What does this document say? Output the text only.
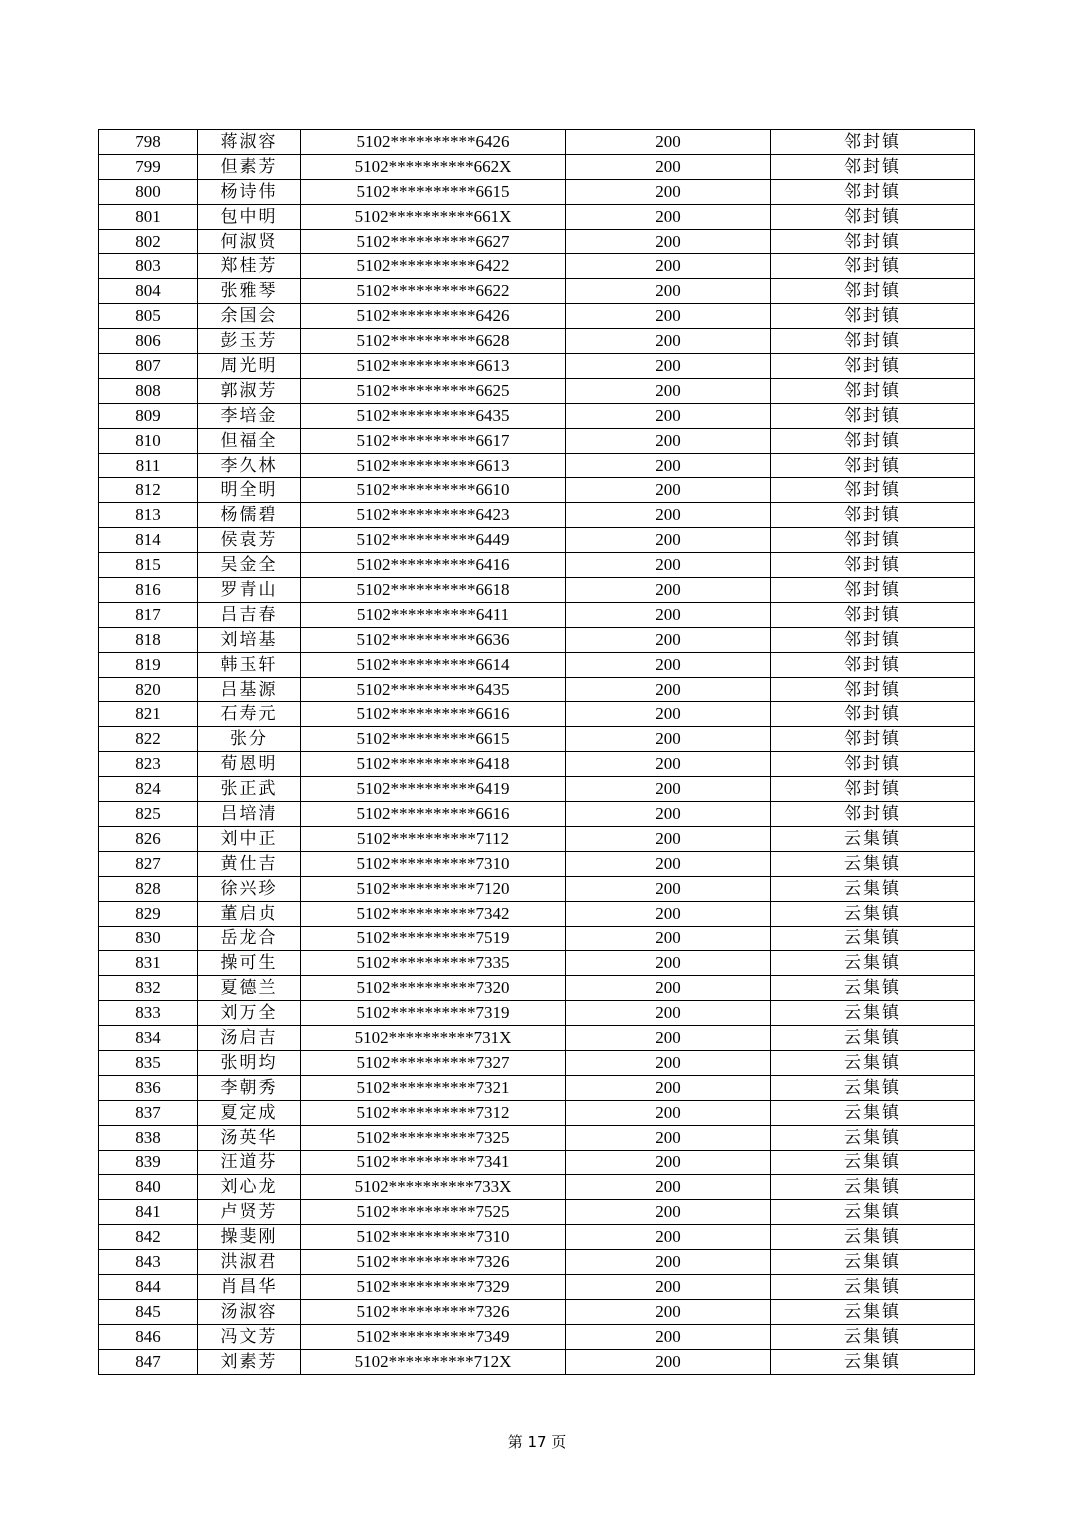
798	蒋淑容	5102**********6426	200	邻封镇
799	但素芳	5102**********662X	200	邻封镇
800	杨诗伟	5102**********6615	200	邻封镇
801	包中明	5102**********661X	200	邻封镇
802	何淑贤	5102**********6627	200	邻封镇
803	郑桂芳	5102**********6422	200	邻封镇
804	张雅琴	5102**********6622	200	邻封镇
805	余国会	5102**********6426	200	邻封镇
806	彭玉芳	5102**********6628	200	邻封镇
807	周光明	5102**********6613	200	邻封镇
808	郭淑芳	5102**********6625	200	邻封镇
809	李培金	5102**********6435	200	邻封镇
810	但福全	5102**********6617	200	邻封镇
811	李久林	5102**********6613	200	邻封镇
812	明全明	5102**********6610	200	邻封镇
813	杨儒碧	5102**********6423	200	邻封镇
814	侯袁芳	5102**********6449	200	邻封镇
815	吴金全	5102**********6416	200	邻封镇
816	罗青山	5102**********6618	200	邻封镇
817	吕吉春	5102**********6411	200	邻封镇
818	刘培基	5102**********6636	200	邻封镇
819	韩玉轩	5102**********6614	200	邻封镇
820	吕基源	5102**********6435	200	邻封镇
821	石寿元	5102**********6616	200	邻封镇
822	张分	5102**********6615	200	邻封镇
823	荀恩明	5102**********6418	200	邻封镇
824	张正武	5102**********6419	200	邻封镇
825	吕培清	5102**********6616	200	邻封镇
826	刘中正	5102**********7112	200	云集镇
827	黄仕吉	5102**********7310	200	云集镇
828	徐兴珍	5102**********7120	200	云集镇
829	董启贞	5102**********7342	200	云集镇
830	岳龙合	5102**********7519	200	云集镇
831	操可生	5102**********7335	200	云集镇
832	夏德兰	5102**********7320	200	云集镇
833	刘万全	5102**********7319	200	云集镇
834	汤启吉	5102**********731X	200	云集镇
835	张明均	5102**********7327	200	云集镇
836	李朝秀	5102**********7321	200	云集镇
837	夏定成	5102**********7312	200	云集镇
838	汤英华	5102**********7325	200	云集镇
839	汪道芬	5102**********7341	200	云集镇
840	刘心龙	5102**********733X	200	云集镇
841	卢贤芳	5102**********7525	200	云集镇
842	操斐刚	5102**********7310	200	云集镇
843	洪淑君	5102**********7326	200	云集镇
844	肖昌华	5102**********7329	200	云集镇
845	汤淑容	5102**********7326	200	云集镇
846	冯文芳	5102**********7349	200	云集镇
847	刘素芳	5102**********712X	200	云集镇
第 17 页
